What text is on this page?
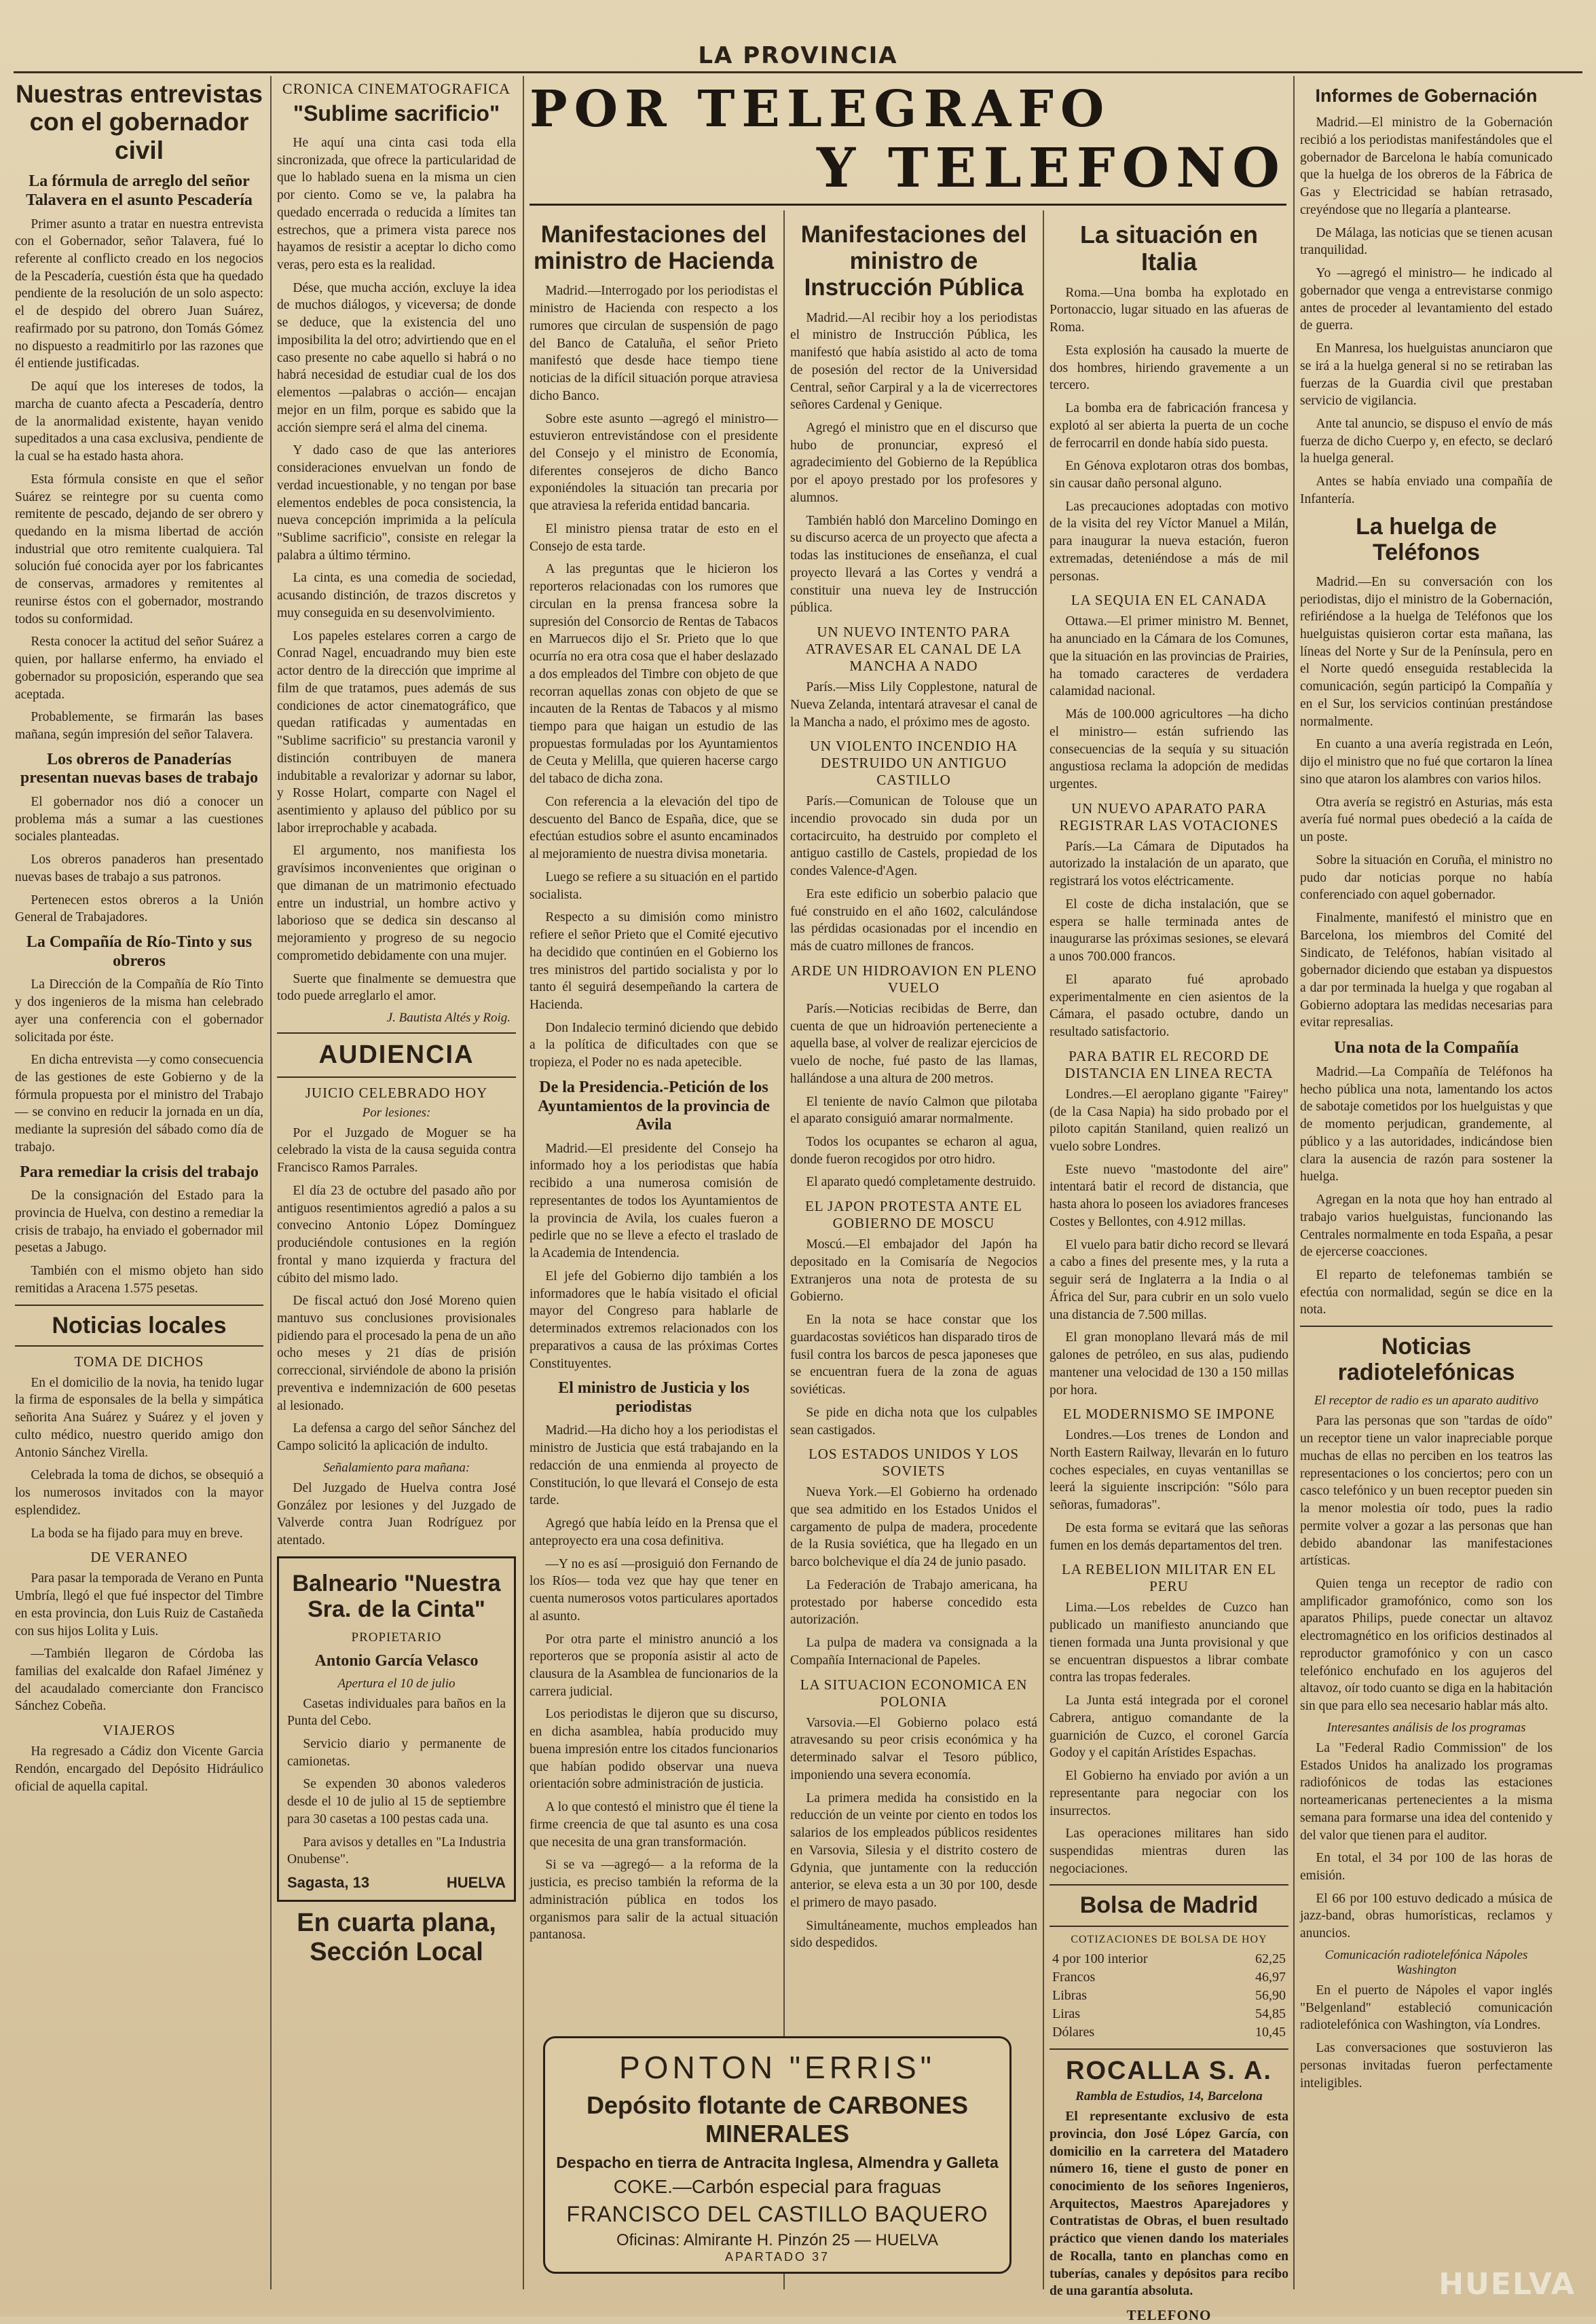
LA PROVINCIA
POR TELEGRAFO
Y TELEFONO
Nuestras entrevistas con el gobernador civil
La fórmula de arreglo del señor Talavera en el asunto Pescadería

Primer asunto a tratar en nuestra entrevista con el Gobernador, señor Talavera, fué lo referente al conflicto creado en los negocios de la Pescadería, cuestión ésta que ha quedado pendiente de la resolución de un solo aspecto: el de despido del obrero Juan Suárez, reafirmado por su patrono, don Tomás Gómez no dispuesto a readmitirlo por las razones que él entiende justificadas.

De aquí que los intereses de todos, la marcha de cuanto afecta a Pescadería, dentro de la anormalidad existente, hayan venido supeditados a una casa exclusiva, pendiente de la cual se ha estado hasta ahora.

Esta fórmula consiste en que el señor Suárez se reintegre por su cuenta como remitente de pescado, dejando de ser obrero y quedando en la misma libertad de acción industrial que otro remitente cualquiera. Tal solución fué conocida ayer por los fabricantes de conservas, armadores y remitentes al reunirse éstos con el gobernador, mostrando todos su conformidad.

Resta conocer la actitud del señor Suárez a quien, por hallarse enfermo, ha enviado el gobernador su proposición, esperando que sea aceptada.

Probablemente, se firmarán las bases mañana, según impresión del señor Talavera.

Los obreros de Panaderías presentan nuevas bases de trabajo

El gobernador nos dió a conocer un problema más a sumar a las cuestiones sociales planteadas.

Los obreros panaderos han presentado nuevas bases de trabajo a sus patronos.

Pertenecen estos obreros a la Unión General de Trabajadores.

La Compañía de Río-Tinto y sus obreros

La Dirección de la Compañía de Río Tinto y dos ingenieros de la misma han celebrado ayer una conferencia con el gobernador solicitada por éste.

En dicha entrevista —y como consecuencia de las gestiones de este Gobierno y de la fórmula propuesta por el ministro del Trabajo— se convino en reducir la jornada en un día, mediante la supresión del sábado como día de trabajo.

Para remediar la crisis del trabajo

De la consignación del Estado para la provincia de Huelva, con destino a remediar la crisis de trabajo, ha enviado el gobernador mil pesetas a Jabugo.

También con el mismo objeto han sido remitidas a Aracena 1.575 pesetas.

Noticias locales
TOMA DE DICHOS

En el domicilio de la novia, ha tenido lugar la firma de esponsales de la bella y simpática señorita Ana Suárez y Suárez y el joven y culto médico, nuestro querido amigo don Antonio Sánchez Virella.

Celebrada la toma de dichos, se obsequió a los numerosos invitados con la mayor esplendidez.

La boda se ha fijado para muy en breve.

DE VERANEO

Para pasar la temporada de Verano en Punta Umbría, llegó el que fué inspector del Timbre en esta provincia, don Luis Ruiz de Castañeda con sus hijos Lolita y Luis.

—También llegaron de Córdoba las familias del exalcalde don Rafael Jiménez y del acaudalado comerciante don Francisco Sánchez Cobeña.

VIAJEROS

Ha regresado a Cádiz don Vicente Garcia Rendón, encargado del Depósito Hidráulico oficial de aquella capital.

CRONICA CINEMATOGRAFICA
"Sublime sacrificio"

He aquí una cinta casi toda ella sincronizada, que ofrece la particularidad de que lo hablado suena en la misma un cien por ciento. Como se ve, la palabra ha quedado encerrada o reducida a límites tan estrechos, que a primera vista parece nos hayamos de resistir a aceptar lo dicho como veras, pero esta es la realidad.

Dése, que mucha acción, excluye la idea de muchos diálogos, y viceversa; de donde se deduce, que la existencia del uno imposibilita la del otro; advirtiendo que en el caso presente no cabe aquello si habrá o no habrá necesidad de estudiar cual de los dos elementos —palabras o acción— encajan mejor en un film, porque es sabido que la acción siempre será el alma del cinema.

Y dado caso de que las anteriores consideraciones envuelvan un fondo de verdad incuestionable, y no tengan por base elementos endebles de poca consistencia, la nueva concepción imprimida a la película "Sublime sacrificio", consiste en relegar la palabra a último término.

La cinta, es una comedia de sociedad, acusando distinción, de trazos discretos y muy conseguida en su desenvolvimiento.

Los papeles estelares corren a cargo de Conrad Nagel, encuadrando muy bien este actor dentro de la dirección que imprime al film de que tratamos, pues además de sus condiciones de actor cinematográfico, que quedan ratificadas y aumentadas en "Sublime sacrificio" su prestancia varonil y distinción contribuyen de manera indubitable a revalorizar y adornar su labor, y Rosse Holart, comparte con Nagel el asentimiento y aplauso del público por su labor irreprochable y acabada.

El argumento, nos manifiesta los gravísimos inconvenientes que originan o que dimanan de un matrimonio efectuado entre un industrial, un hombre activo y laborioso que se dedica sin descanso al mejoramiento y progreso de su negocio comprometido debidamente con una mujer.

Suerte que finalmente se demuestra que todo puede arreglarlo el amor.

J. Bautista Altés y Roig.
AUDIENCIA
JUICIO CELEBRADO HOY
Por lesiones:

Por el Juzgado de Moguer se ha celebrado la vista de la causa seguida contra Francisco Ramos Parrales.

El día 23 de octubre del pasado año por antiguos resentimientos agredió a palos a su convecino Antonio López Domínguez produciéndole contusiones en la región frontal y mano izquierda y fractura del cúbito del mismo lado.

De fiscal actuó don José Moreno quien mantuvo sus conclusiones provisionales pidiendo para el procesado la pena de un año ocho meses y 21 días de prisión correccional, sirviéndole de abono la prisión preventiva e indemnización de 600 pesetas al lesionado.

La defensa a cargo del señor Sánchez del Campo solicitó la aplicación de indulto.

Señalamiento para mañana:

Del Juzgado de Huelva contra José González por lesiones y del Juzgado de Valverde contra Juan Rodríguez por atentado.

Balneario "Nuestra Sra. de la Cinta"
PROPIETARIO
Antonio García Velasco
Apertura el 10 de julio

Casetas individuales para baños en la Punta del Cebo.

Servicio diario y permanente de camionetas.

Se expenden 30 abonos valederos desde el 10 de julio al 15 de septiembre para 30 casetas a 100 pestas cada una.

Para avisos y detalles en "La Industria Onubense".

Sagasta, 13	HUELVA
En cuarta plana, Sección Local
Manifestaciones del ministro de Hacienda

Madrid.—Interrogado por los periodistas el ministro de Hacienda con respecto a los rumores que circulan de suspensión de pago del Banco de Cataluña, el señor Prieto manifestó que desde hace tiempo tiene noticias de la difícil situación porque atraviesa dicho Banco.

Sobre este asunto —agregó el ministro— estuvieron entrevistándose con el presidente del Consejo y el ministro de Economía, diferentes consejeros de dicho Banco exponiéndoles la situación tan precaria por que atraviesa la referida entidad bancaria.

El ministro piensa tratar de esto en el Consejo de esta tarde.

A las preguntas que le hicieron los reporteros relacionadas con los rumores que circulan en la prensa francesa sobre la supresión del Consorcio de Rentas de Tabacos en Marruecos dijo el Sr. Prieto que lo que ocurría no era otra cosa que el haber deslazado a dos empleados del Timbre con objeto de que recorran aquellas zonas con objeto de que se incauten de la Rentas de Tabacos y al mismo tiempo para que haigan un estudio de las propuestas formuladas por los Ayuntamientos de Ceuta y Melilla, que quieren hacerse cargo del tabaco de dicha zona.

Con referencia a la elevación del tipo de descuento del Banco de España, dice, que se efectúan estudios sobre el asunto encaminados al mejoramiento de nuestra divisa monetaria.

Luego se refiere a su situación en el partido socialista.

Respecto a su dimisión como ministro refiere el señor Prieto que el Comité ejecutivo ha decidido que continúen en el Gobierno los tres ministros del partido socialista y por lo tanto él seguirá desempeñando la cartera de Hacienda.

Don Indalecio terminó diciendo que debido a la política de dificultades con que se tropieza, el Poder no es nada apetecible.

De la Presidencia.-Petición de los Ayuntamientos de la provincia de Avila

Madrid.—El presidente del Consejo ha informado hoy a los periodistas que había recibido a una numerosa comisión de representantes de todos los Ayuntamientos de la provincia de Avila, los cuales fueron a pedirle que no se lleve a efecto el traslado de la Academia de Intendencia.

El jefe del Gobierno dijo también a los informadores que le había visitado el oficial mayor del Congreso para hablarle de determinados extremos relacionados con los preparativos a causa de las próximas Cortes Constituyentes.

El ministro de Justicia y los periodistas

Madrid.—Ha dicho hoy a los periodistas el ministro de Justicia que está trabajando en la redacción de una enmienda al proyecto de Constitución, lo que llevará el Consejo de esta tarde.

Agregó que había leído en la Prensa que el anteproyecto era una cosa definitiva.

—Y no es así —prosiguió don Fernando de los Ríos— toda vez que hay que tener en cuenta numerosos votos particulares aportados al asunto.

Por otra parte el ministro anunció a los reporteros que se proponía asistir al acto de clausura de la Asamblea de funcionarios de la carrera judicial.

Los periodistas le dijeron que su discurso, en dicha asamblea, había producido muy buena impresión entre los citados funcionarios que habían podido observar una nueva orientación sobre administración de justicia.

A lo que contestó el ministro que él tiene la firme creencia de que tal asunto es una cosa que necesita de una gran transformación.

Si se va —agregó— a la reforma de la justicia, es preciso también la reforma de la administración pública en todos los organismos para salir de la actual situación pantanosa.

Manifestaciones del ministro de Instrucción Pública

Madrid.—Al recibir hoy a los periodistas el ministro de Instrucción Pública, les manifestó que había asistido al acto de toma de posesión del rector de la Universidad Central, señor Carpiral y a la de vicerrectores señores Cardenal y Genique.

Agregó el ministro que en el discurso que hubo de pronunciar, expresó el agradecimiento del Gobierno de la República por el apoyo prestado por los profesores y alumnos.

También habló don Marcelino Domingo en su discurso acerca de un proyecto que afecta a todas las instituciones de enseñanza, el cual proyecto llevará a las Cortes y vendrá a constituir una nueva ley de Instrucción pública.

UN NUEVO INTENTO PARA ATRAVESAR EL CANAL DE LA MANCHA A NADO

París.—Miss Lily Copplestone, natural de Nueva Zelanda, intentará atravesar el canal de la Mancha a nado, el próximo mes de agosto.

UN VIOLENTO INCENDIO HA DESTRUIDO UN ANTIGUO CASTILLO

París.—Comunican de Tolouse que un incendio provocado sin duda por un cortacircuito, ha destruido por completo el antiguo castillo de Castels, propiedad de los condes Valence-d'Agen.

Era este edificio un soberbio palacio que fué construido en el año 1602, calculándose las pérdidas ocasionadas por el incendio en más de cuatro millones de francos.

ARDE UN HIDROAVION EN PLENO VUELO

París.—Noticias recibidas de Berre, dan cuenta de que un hidroavión perteneciente a aquella base, al volver de realizar ejercicios de vuelo de noche, fué pasto de las llamas, hallándose a una altura de 200 metros.

El teniente de navío Calmon que pilotaba el aparato consiguió amarar normalmente.

Todos los ocupantes se echaron al agua, donde fueron recogidos por otro hidro.

El aparato quedó completamente destruido.

EL JAPON PROTESTA ANTE EL GOBIERNO DE MOSCU

Moscú.—El embajador del Japón ha depositado en la Comisaría de Negocios Extranjeros una nota de protesta de su Gobierno.

En la nota se hace constar que los guardacostas soviéticos han disparado tiros de fusil contra los barcos de pesca japoneses que se encuentran fuera de la zona de aguas soviéticas.

Se pide en dicha nota que los culpables sean castigados.

LOS ESTADOS UNIDOS Y LOS SOVIETS

Nueva York.—El Gobierno ha ordenado que sea admitido en los Estados Unidos el cargamento de pulpa de madera, procedente de la Rusia soviética, que ha llegado en un barco bolchevique el día 24 de junio pasado.

La Federación de Trabajo americana, ha protestado por haberse concedido esta autorización.

La pulpa de madera va consignada a la Compañía Internacional de Papeles.

LA SITUACION ECONOMICA EN POLONIA

Varsovia.—El Gobierno polaco está atravesando su peor crisis económica y ha determinado salvar el Tesoro público, imponiendo una severa economía.

La primera medida ha consistido en la reducción de un veinte por ciento en todos los salarios de los empleados públicos residentes en Varsovia, Silesia y el distrito costero de Gdynia, que juntamente con la reducción anterior, se eleva esta a un 30 por 100, desde el primero de mayo pasado.

Simultáneamente, muchos empleados han sido despedidos.

PONTON "ERRIS"
Depósito flotante de CARBONES MINERALES
Despacho en tierra de Antracita Inglesa, Almendra y Galleta
COKE.—Carbón especial para fraguas
FRANCISCO DEL CASTILLO BAQUERO
Oficinas: Almirante H. Pinzón 25 — HUELVA
APARTADO 37
La situación en Italia

Roma.—Una bomba ha explotado en Portonaccio, lugar situado en las afueras de Roma.

Esta explosión ha causado la muerte de dos hombres, hiriendo gravemente a un tercero.

La bomba era de fabricación francesa y explotó al ser abierta la puerta de un coche de ferrocarril en donde había sido puesta.

En Génova explotaron otras dos bombas, sin causar daño personal alguno.

Las precauciones adoptadas con motivo de la visita del rey Víctor Manuel a Milán, para inaugurar la nueva estación, fueron extremadas, deteniéndose a más de mil personas.

LA SEQUIA EN EL CANADA

Ottawa.—El primer ministro M. Bennet, ha anunciado en la Cámara de los Comunes, que la situación en las provincias de Prairies, ha tomado caracteres de verdadera calamidad nacional.

Más de 100.000 agricultores —ha dicho el ministro— están sufriendo las consecuencias de la sequía y su situación angustiosa reclama la adopción de medidas urgentes.

UN NUEVO APARATO PARA REGISTRAR LAS VOTACIONES

París.—La Cámara de Diputados ha autorizado la instalación de un aparato, que registrará los votos eléctricamente.

El coste de dicha instalación, que se espera se halle terminada antes de inaugurarse las próximas sesiones, se elevará a unos 700.000 francos.

El aparato fué aprobado experimentalmente en cien asientos de la Cámara, el pasado octubre, dando un resultado satisfactorio.

PARA BATIR EL RECORD DE DISTANCIA EN LINEA RECTA

Londres.—El aeroplano gigante "Fairey" (de la Casa Napia) ha sido probado por el piloto capitán Staniland, quien realizó un vuelo sobre Londres.

Este nuevo "mastodonte del aire" intentará batir el record de distancia, que hasta ahora lo poseen los aviadores franceses Costes y Bellontes, con 4.912 millas.

El vuelo para batir dicho record se llevará a cabo a fines del presente mes, y la ruta a seguir será de Inglaterra a la India o al África del Sur, para cubrir en un solo vuelo una distancia de 7.500 millas.

El gran monoplano llevará más de mil galones de petróleo, en sus alas, pudiendo mantener una velocidad de 130 a 150 millas por hora.

EL MODERNISMO SE IMPONE

Londres.—Los trenes de London and North Eastern Railway, llevarán en lo futuro coches especiales, en cuyas ventanillas se leerá la siguiente inscripción: "Sólo para señoras, fumadoras".

De esta forma se evitará que las señoras fumen en los demás departamentos del tren.

LA REBELION MILITAR EN EL PERU

Lima.—Los rebeldes de Cuzco han publicado un manifiesto anunciando que tienen formada una Junta provisional y que se encuentran dispuestos a librar combate contra las tropas federales.

La Junta está integrada por el coronel Cabrera, antiguo comandante de la guarnición de Cuzco, el coronel García Godoy y el capitán Arístides Espachas.

El Gobierno ha enviado por avión a un representante para negociar con los insurrectos.

Las operaciones militares han sido suspendidas mientras duren las negociaciones.

Bolsa de Madrid
COTIZACIONES DE BOLSA DE HOY
4 por 100 interior	62,25
Francos	46,97
Libras	56,90
Liras	54,85
Dólares	10,45
ROCALLA S. A.
Rambla de Estudios, 14, Barcelona

El representante exclusivo de esta provincia, don José López García, con domicilio en la carretera del Matadero número 16, tiene el gusto de poner en conocimiento de los señores Ingenieros, Arquitectos, Maestros Aparejadores y Contratistas de Obras, el buen resultado práctico que vienen dando los materiales de Rocalla, tanto en planchas como en tuberías, canales y depósitos para recibo de una garantía absoluta.

TELEFONO
Informes de Gobernación

Madrid.—El ministro de la Gobernación recibió a los periodistas manifestándoles que el gobernador de Barcelona le había comunicado que la huelga de los obreros de la Fábrica de Gas y Electricidad se habían retrasado, creyéndose que no llegaría a plantearse.

De Málaga, las noticias que se tienen acusan tranquilidad.

Yo —agregó el ministro— he indicado al gobernador que venga a entrevistarse conmigo antes de proceder al levantamiento del estado de guerra.

En Manresa, los huelguistas anunciaron que se irá a la huelga general si no se retiraban las fuerzas de la Guardia civil que prestaban servicio de vigilancia.

Ante tal anuncio, se dispuso el envío de más fuerza de dicho Cuerpo y, en efecto, se declaró la huelga general.

Antes se había enviado una compañía de Infantería.

La huelga de Teléfonos

Madrid.—En su conversación con los periodistas, dijo el ministro de la Gobernación, refiriéndose a la huelga de Teléfonos que los huelguistas quisieron cortar esta mañana, las líneas del Norte y Sur de la Península, pero en el Norte quedó enseguida restablecida la comunicación, según participó la Compañía y en el Sur, los servicios continúan prestándose normalmente.

En cuanto a una avería registrada en León, dijo el ministro que no fué que cortaron la línea sino que ataron los alambres con varios hilos.

Otra avería se registró en Asturias, más esta avería fué normal pues obedeció a la caída de un poste.

Sobre la situación en Coruña, el ministro no pudo dar noticias porque no había conferenciado con aquel gobernador.

Finalmente, manifestó el ministro que en Barcelona, los miembros del Comité del Sindicato, de Teléfonos, habían visitado al gobernador diciendo que estaban ya dispuestos a dar por terminada la huelga y que rogaban al Gobierno adoptara las medidas necesarias para evitar represalias.

Una nota de la Compañía

Madrid.—La Compañía de Teléfonos ha hecho pública una nota, lamentando los actos de sabotaje cometidos por los huelguistas y que de momento perjudican, grandemente, al público y a las autoridades, indicándose bien clara la ausencia de razón para sostener la huelga.

Agregan en la nota que hoy han entrado al trabajo varios huelguistas, funcionando las Centrales normalmente en toda España, a pesar de ejercerse coacciones.

El reparto de telefonemas también se efectúa con normalidad, según se dice en la nota.

Noticias radiotelefónicas
El receptor de radio es un aparato auditivo

Para las personas que son "tardas de oído" un receptor tiene un valor inapreciable porque muchas de ellas no perciben en los teatros las representaciones o los conciertos; pero con un casco telefónico y un buen receptor pueden sin la menor molestia oír todo, pues la radio permite volver a gozar a las personas que han debido abandonar las manifestaciones artísticas.

Quien tenga un receptor de radio con amplificador gramofónico, como son los aparatos Philips, puede conectar un altavoz electromagnético en los orificios destinados al reproductor gramofónico y con un casco telefónico enchufado en los agujeros del altavoz, oír todo cuanto se diga en la habitación sin que para ello sea necesario hablar más alto.

Interesantes análisis de los programas

La "Federal Radio Commission" de los Estados Unidos ha analizado los programas radiofónicos de todas las estaciones norteamericanas pertenecientes a la misma semana para formarse una idea del contenido y del valor que tienen para el auditor.

En total, el 34 por 100 de las horas de emisión.

El 66 por 100 estuvo dedicado a música de jazz-band, obras humorísticas, reclamos y anuncios.

Comunicación radiotelefónica Nápoles Washington

En el puerto de Nápoles el vapor inglés "Belgenland" estableció comunicación radiotelefónica con Washington, vía Londres.

Las conversaciones que sostuvieron las personas invitadas fueron perfectamente inteligibles.

HUELVA
